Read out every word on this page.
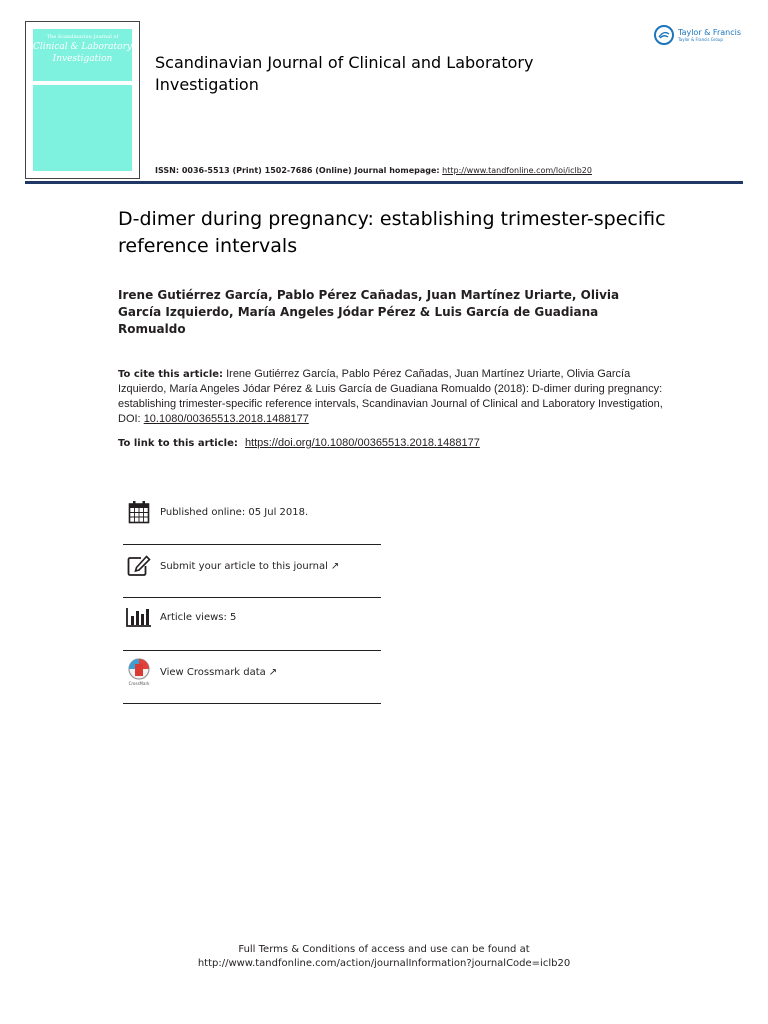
The Scandinavian Journal of
Clinical & Laboratory
Investigation	Scandinavian Journal of Clinical and Laboratory Investigation
Taylor & Francis
Taylor & Francis Group
ISSN: 0036-5513 (Print) 1502-7686 (Online) Journal homepage: http://www.tandfonline.com/loi/iclb20
D-dimer during pregnancy: establishing trimester-specific reference intervals
Irene Gutiérrez García, Pablo Pérez Cañadas, Juan Martínez Uriarte, Olivia García Izquierdo, María Angeles Jódar Pérez & Luis García de Guadiana Romualdo
To cite this article: Irene Gutiérrez García, Pablo Pérez Cañadas, Juan Martínez Uriarte, Olivia García Izquierdo, María Angeles Jódar Pérez & Luis García de Guadiana Romualdo (2018): D-dimer during pregnancy: establishing trimester-specific reference intervals, Scandinavian Journal of Clinical and Laboratory Investigation, DOI: 10.1080/00365513.2018.1488177
To link to this article: https://doi.org/10.1080/00365513.2018.1488177
Published online: 05 Jul 2018.
Submit your article to this journal ↗︎
Article views: 5
CrossMark
View Crossmark data ↗︎
Full Terms & Conditions of access and use can be found at
http://www.tandfonline.com/action/journalInformation?journalCode=iclb20
